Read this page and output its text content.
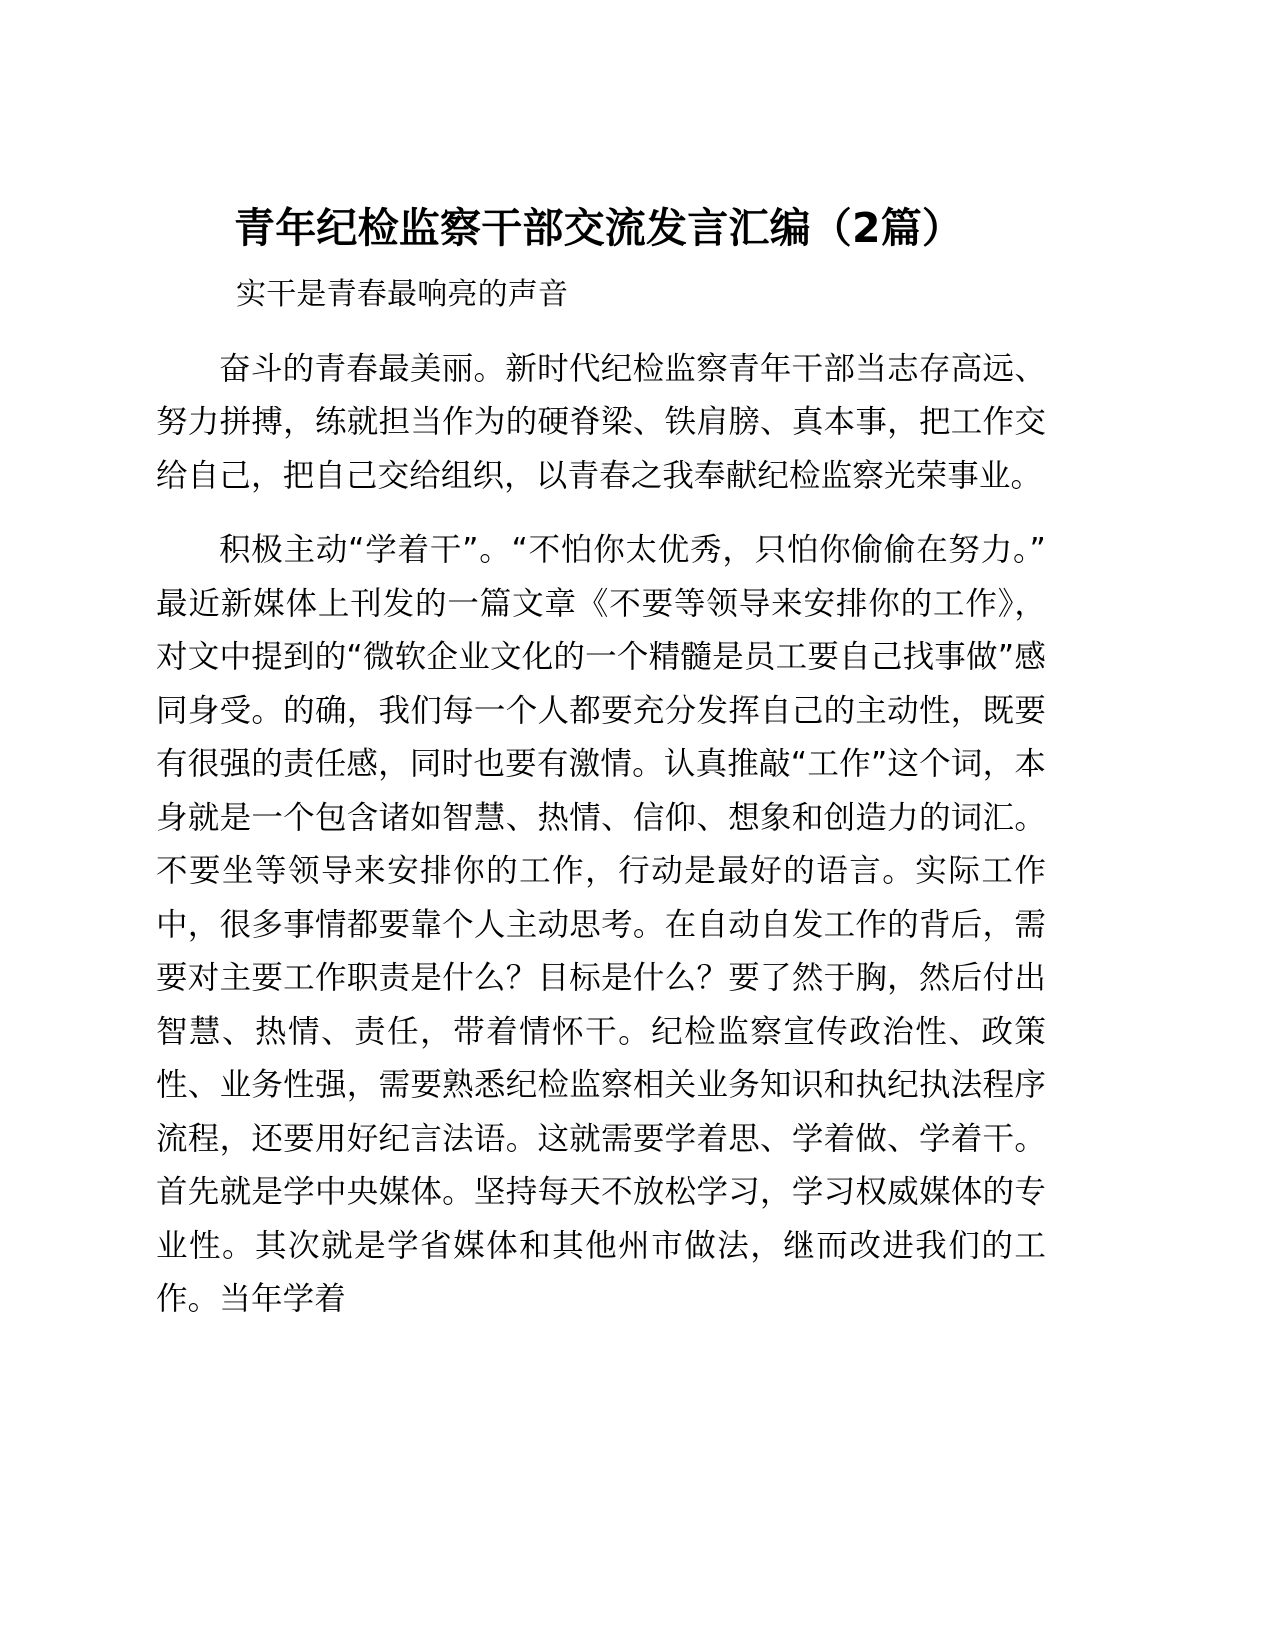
青年纪检监察干部交流发言汇编（2篇）
实干是青春最响亮的声音

奋斗的青春最美丽。新时代纪检监察青年干部当志存高远、努力拼搏，练就担当作为的硬脊梁、铁肩膀、真本事，把工作交给自己，把自己交给组织，以青春之我奉献纪检监察光荣事业。

积极主动“学着干”。“不怕你太优秀，只怕你偷偷在努力。”最近新媒体上刊发的一篇文章《不要等领导来安排你的工作》，对文中提到的“微软企业文化的一个精髓是员工要自己找事做”感同身受。的确，我们每一个人都要充分发挥自己的主动性，既要有很强的责任感，同时也要有激情。认真推敲“工作”这个词，本身就是一个包含诸如智慧、热情、信仰、想象和创造力的词汇。不要坐等领导来安排你的工作，行动是最好的语言。实际工作中，很多事情都要靠个人主动思考。在自动自发工作的背后，需要对主要工作职责是什么？目标是什么？要了然于胸，然后付出智慧、热情、责任，带着情怀干。纪检监察宣传政治性、政策性、业务性强，需要熟悉纪检监察相关业务知识和执纪执法程序流程，还要用好纪言法语。这就需要学着思、学着做、学着干。首先就是学中央媒体。坚持每天不放松学习，学习权威媒体的专业性。其次就是学省媒体和其他州市做法，继而改进我们的工作。当年学着
